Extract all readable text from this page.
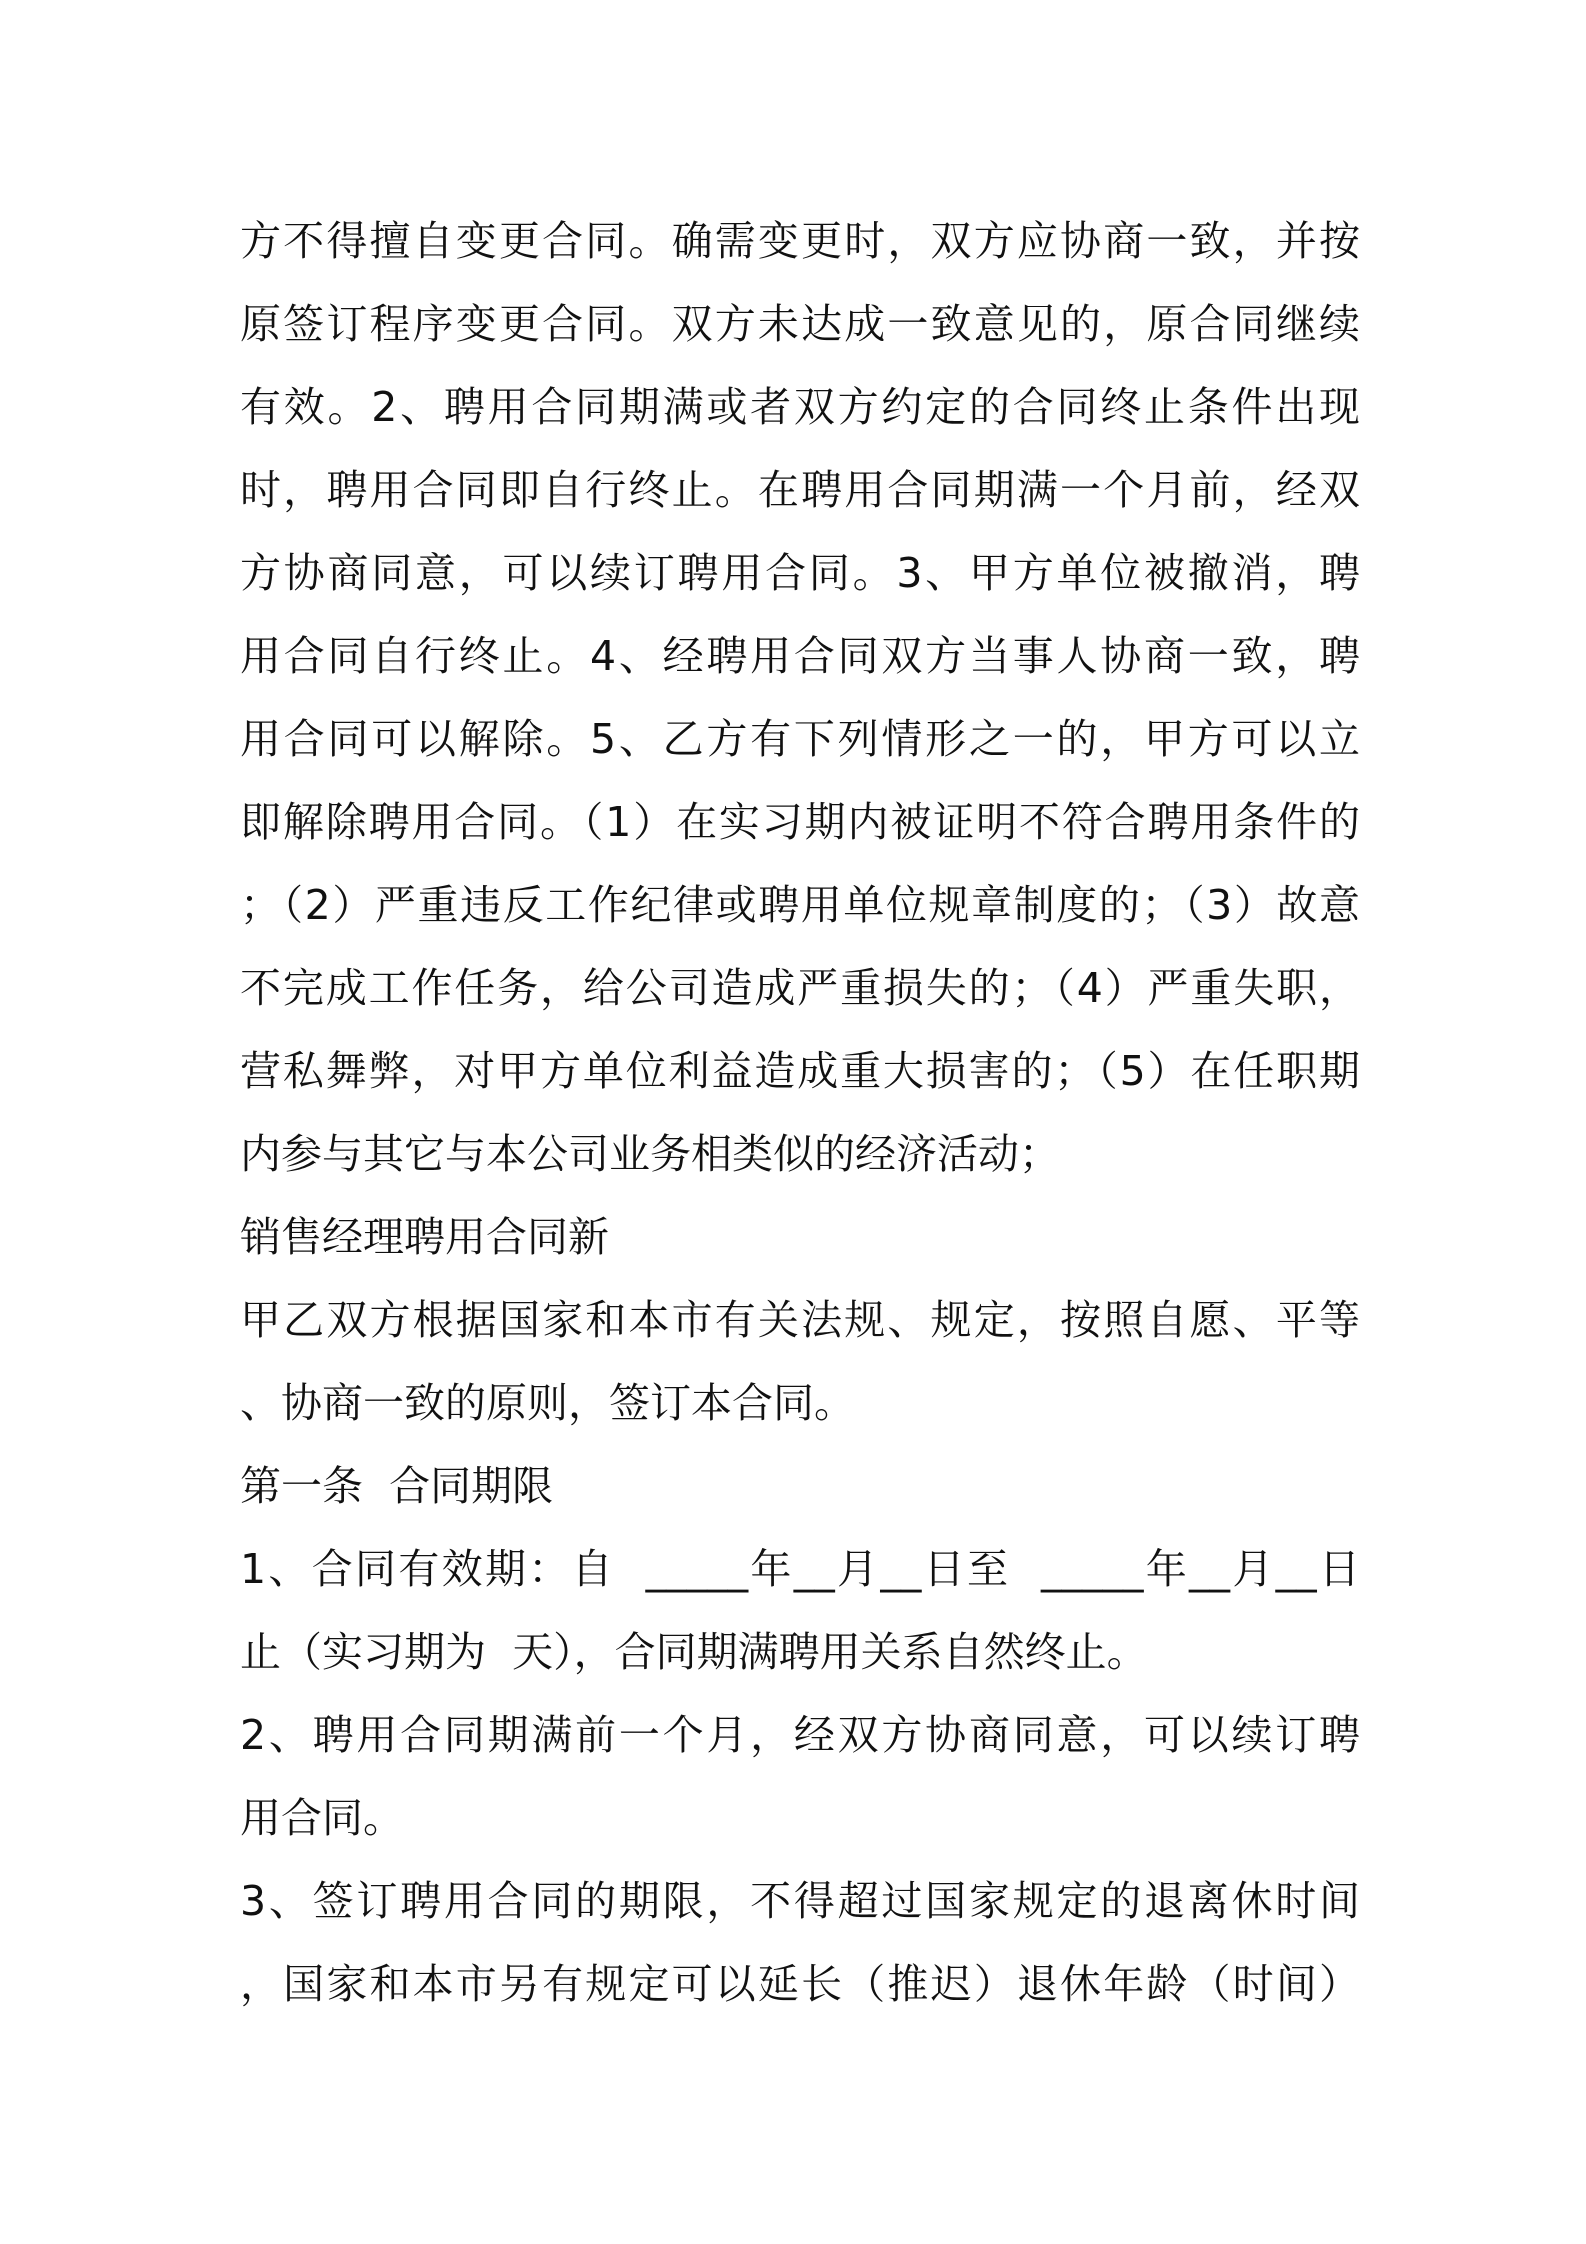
方不得擅自变更合同。确需变更时，双方应协商一致，并按
原签订程序变更合同。双方未达成一致意见的，原合同继续
有效。2、聘用合同期满或者双方约定的合同终止条件出现
时，聘用合同即自行终止。在聘用合同期满一个月前，经双
方协商同意，可以续订聘用合同。3、甲方单位被撤消，聘
用合同自行终止。4、经聘用合同双方当事人协商一致，聘
用合同可以解除。5、乙方有下列情形之一的，甲方可以立
即解除聘用合同。（1）在实习期内被证明不符合聘用条件的
；（2）严重违反工作纪律或聘用单位规章制度的；（3）故意
不完成工作任务，给公司造成严重损失的；（4）严重失职，
营私舞弊，对甲方单位利益造成重大损害的；（5）在任职期
内参与其它与本公司业务相类似的经济活动；
销售经理聘用合同新
甲乙双方根据国家和本市有关法规、规定，按照自愿、平等
、协商一致的原则，签订本合同。
第一条  合同期限
1、合同有效期：自  _____年__月__日至  _____年__月__日
止（实习期为  天），合同期满聘用关系自然终止。
2、聘用合同期满前一个月，经双方协商同意，可以续订聘
用合同。
3、签订聘用合同的期限，不得超过国家规定的退离休时间
，国家和本市另有规定可以延长（推迟）退休年龄（时间）
